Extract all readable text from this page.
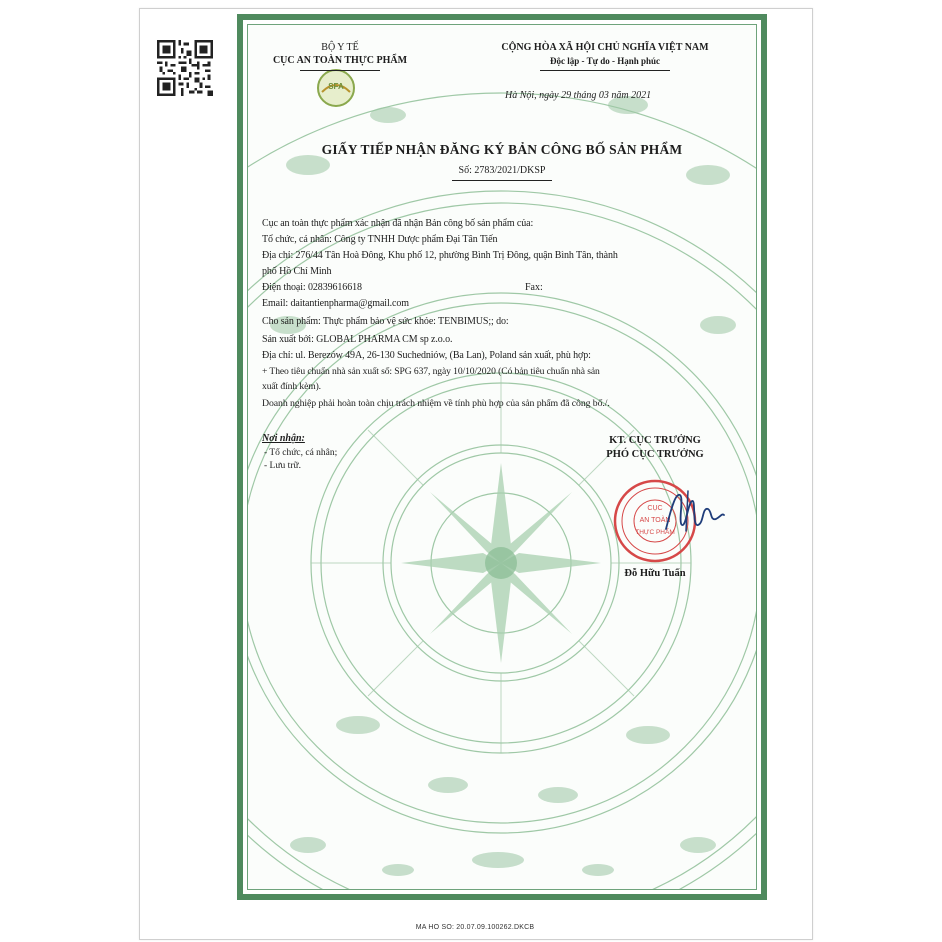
SFA
BỘ Y TẾ
CỤC AN TOÀN THỰC PHẨM
CỘNG HÒA XÃ HỘI CHỦ NGHĨA VIỆT NAM
Độc lập - Tự do - Hạnh phúc
Hà Nội, ngày 29 tháng 03 năm 2021
GIẤY TIẾP NHẬN ĐĂNG KÝ BẢN CÔNG BỐ SẢN PHẨM
Số: 2783/2021/DKSP
Cục an toàn thực phẩm xác nhận đã nhận Bản công bố sản phẩm của:
Tổ chức, cá nhân: Công ty TNHH Dược phẩm Đại Tân Tiến
Địa chỉ: 276/44 Tân Hoà Đông, Khu phố 12, phường Bình Trị Đông, quận Bình Tân, thành
phố Hồ Chí Minh
Điện thoại: 02839616618	Fax:
Email: daitantienpharma@gmail.com
Cho sản phẩm: Thực phẩm bảo vệ sức khỏe: TENBIMUS;; do:
Sản xuất bởi: GLOBAL PHARMA CM sp z.o.o.
Địa chỉ: ul. Berezów 49A, 26-130 Suchedniów, (Ba Lan), Poland sản xuất, phù hợp:
+ Theo tiêu chuẩn nhà sản xuất số: SPG 637, ngày 10/10/2020 (Có bản tiêu chuẩn nhà sản
xuất đính kèm).
Doanh nghiệp phải hoàn toàn chịu trách nhiệm về tính phù hợp của sản phẩm đã công bố./.
Nơi nhận:
- Tổ chức, cá nhân;
- Lưu trữ.
KT. CỤC TRƯỞNG
PHÓ CỤC TRƯỞNG
CỤC
AN TOÀN
THỰC PHẨM
Đỗ Hữu Tuấn
MA HO SO: 20.07.09.100262.DKCB
